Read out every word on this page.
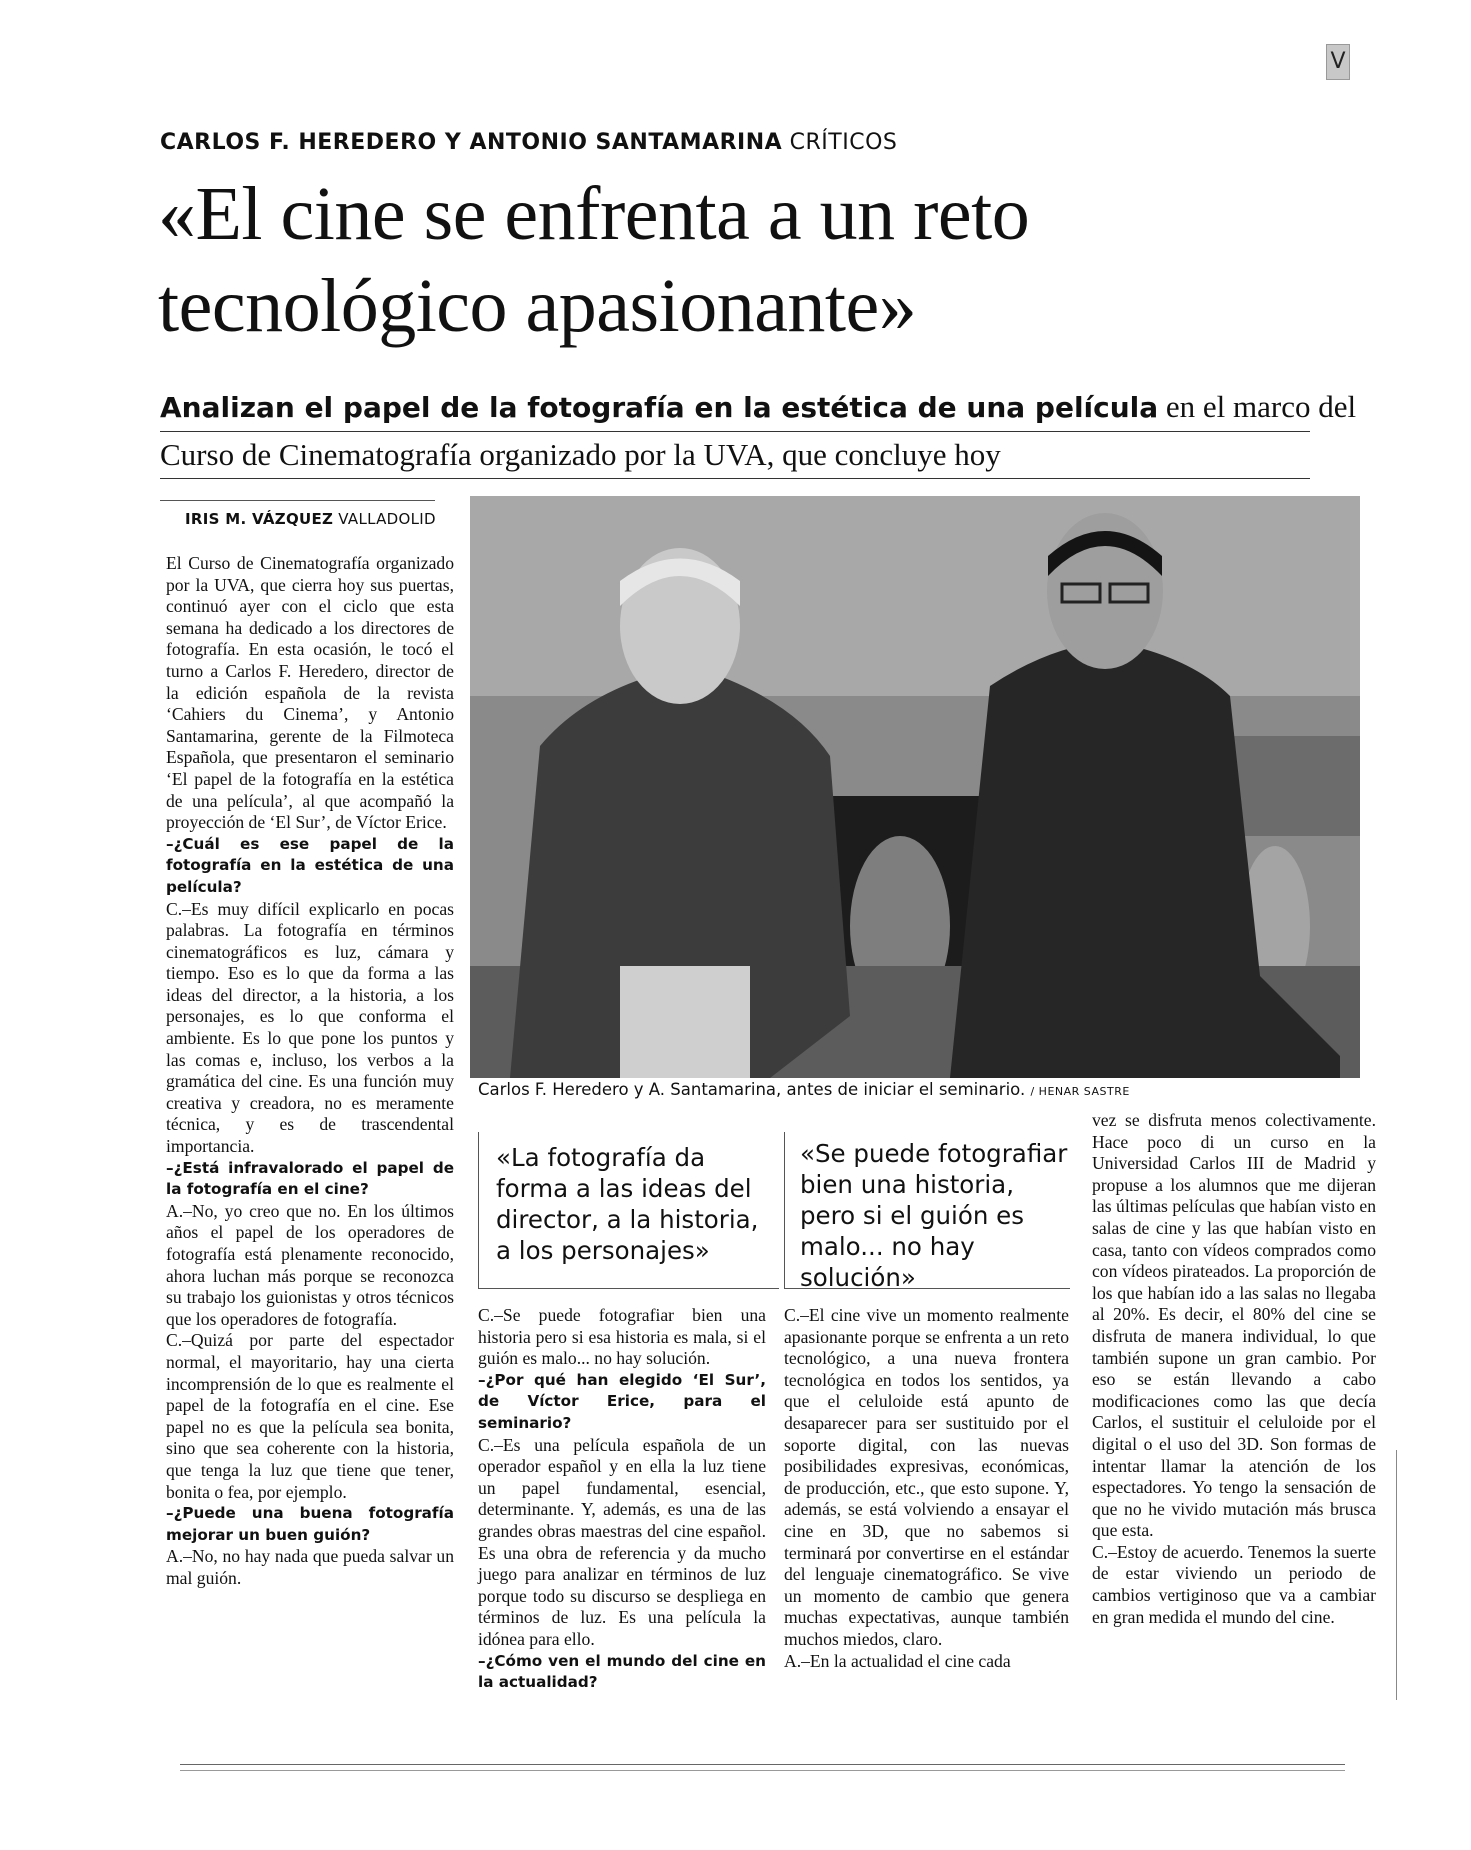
V
CARLOS F. HEREDERO Y ANTONIO SANTAMARINA CRÍTICOS
«El cine se enfrenta a un reto
tecnológico apasionante»
Analizan el papel de la fotografía en la estética de una película en el marco del
Curso de Cinematografía organizado por la UVA, que concluye hoy
IRIS M. VÁZQUEZ VALLADOLID
Carlos F. Heredero y A. Santamarina, antes de iniciar el seminario. / HENAR SASTRE

El Curso de Cinematografía organizado por la UVA, que cierra hoy sus puertas, continuó ayer con el ciclo que esta semana ha dedicado a los directores de fotografía. En esta ocasión, le tocó el turno a Carlos F. Heredero, director de la edición española de la revista ‘Cahiers du Cinema’, y Antonio Santamarina, gerente de la Filmoteca Española, que presentaron el seminario ‘El papel de la fotografía en la estética de una película’, al que acompañó la proyección de ‘El Sur’, de Víctor Erice.

–¿Cuál es ese papel de la fotografía en la estética de una película?

C.–Es muy difícil explicarlo en pocas palabras. La fotografía en términos cinematográficos es luz, cámara y tiempo. Eso es lo que da forma a las ideas del director, a la historia, a los personajes, es lo que conforma el ambiente. Es lo que pone los puntos y las comas e, incluso, los verbos a la gramática del cine. Es una función muy creativa y creadora, no es meramente técnica, y es de trascendental importancia.

–¿Está infravalorado el papel de la fotografía en el cine?

A.–No, yo creo que no. En los últimos años el papel de los operadores de fotografía está plenamente reconocido, ahora luchan más porque se reconozca su trabajo los guionistas y otros técnicos que los operadores de fotografía.

C.–Quizá por parte del espectador normal, el mayoritario, hay una cierta incomprensión de lo que es realmente el papel de la fotografía en el cine. Ese papel no es que la película sea bonita, sino que sea coherente con la historia, que tenga la luz que tiene que tener, bonita o fea, por ejemplo.

–¿Puede una buena fotografía mejorar un buen guión?

A.–No, no hay nada que pueda salvar un mal guión.

«La fotografía da forma a las ideas del director, a la historia, a los personajes»
«Se puede fotografiar bien una historia, pero si el guión es malo... no hay solución»

C.–Se puede fotografiar bien una historia pero si esa historia es mala, si el guión es malo... no hay solución.

–¿Por qué han elegido ‘El Sur’, de Víctor Erice, para el seminario?

C.–Es una película española de un operador español y en ella la luz tiene un papel fundamental, esencial, determinante. Y, además, es una de las grandes obras maestras del cine español. Es una obra de referencia y da mucho juego para analizar en términos de luz porque todo su discurso se despliega en términos de luz. Es una película la idónea para ello.

–¿Cómo ven el mundo del cine en la actualidad?

C.–El cine vive un momento realmente apasionante porque se enfrenta a un reto tecnológico, a una nueva frontera tecnológica en todos los sentidos, ya que el celuloide está apunto de desaparecer para ser sustituido por el soporte digital, con las nuevas posibilidades expresivas, económicas, de producción, etc., que esto supone. Y, además, se está volviendo a ensayar el cine en 3D, que no sabemos si terminará por convertirse en el estándar del lenguaje cinematográfico. Se vive un momento de cambio que genera muchas expectativas, aunque también muchos miedos, claro.

A.–En la actualidad el cine cada

vez se disfruta menos colectivamente. Hace poco di un curso en la Universidad Carlos III de Madrid y propuse a los alumnos que me dijeran las últimas películas que habían visto en salas de cine y las que habían visto en casa, tanto con vídeos comprados como con vídeos pirateados. La proporción de los que habían ido a las salas no llegaba al 20%. Es decir, el 80% del cine se disfruta de manera individual, lo que también supone un gran cambio. Por eso se están llevando a cabo modificaciones como las que decía Carlos, el sustituir el celuloide por el digital o el uso del 3D. Son formas de intentar llamar la atención de los espectadores. Yo tengo la sensación de que no he vivido mutación más brusca que esta.

C.–Estoy de acuerdo. Tenemos la suerte de estar viviendo un periodo de cambios vertiginoso que va a cambiar en gran medida el mundo del cine.
